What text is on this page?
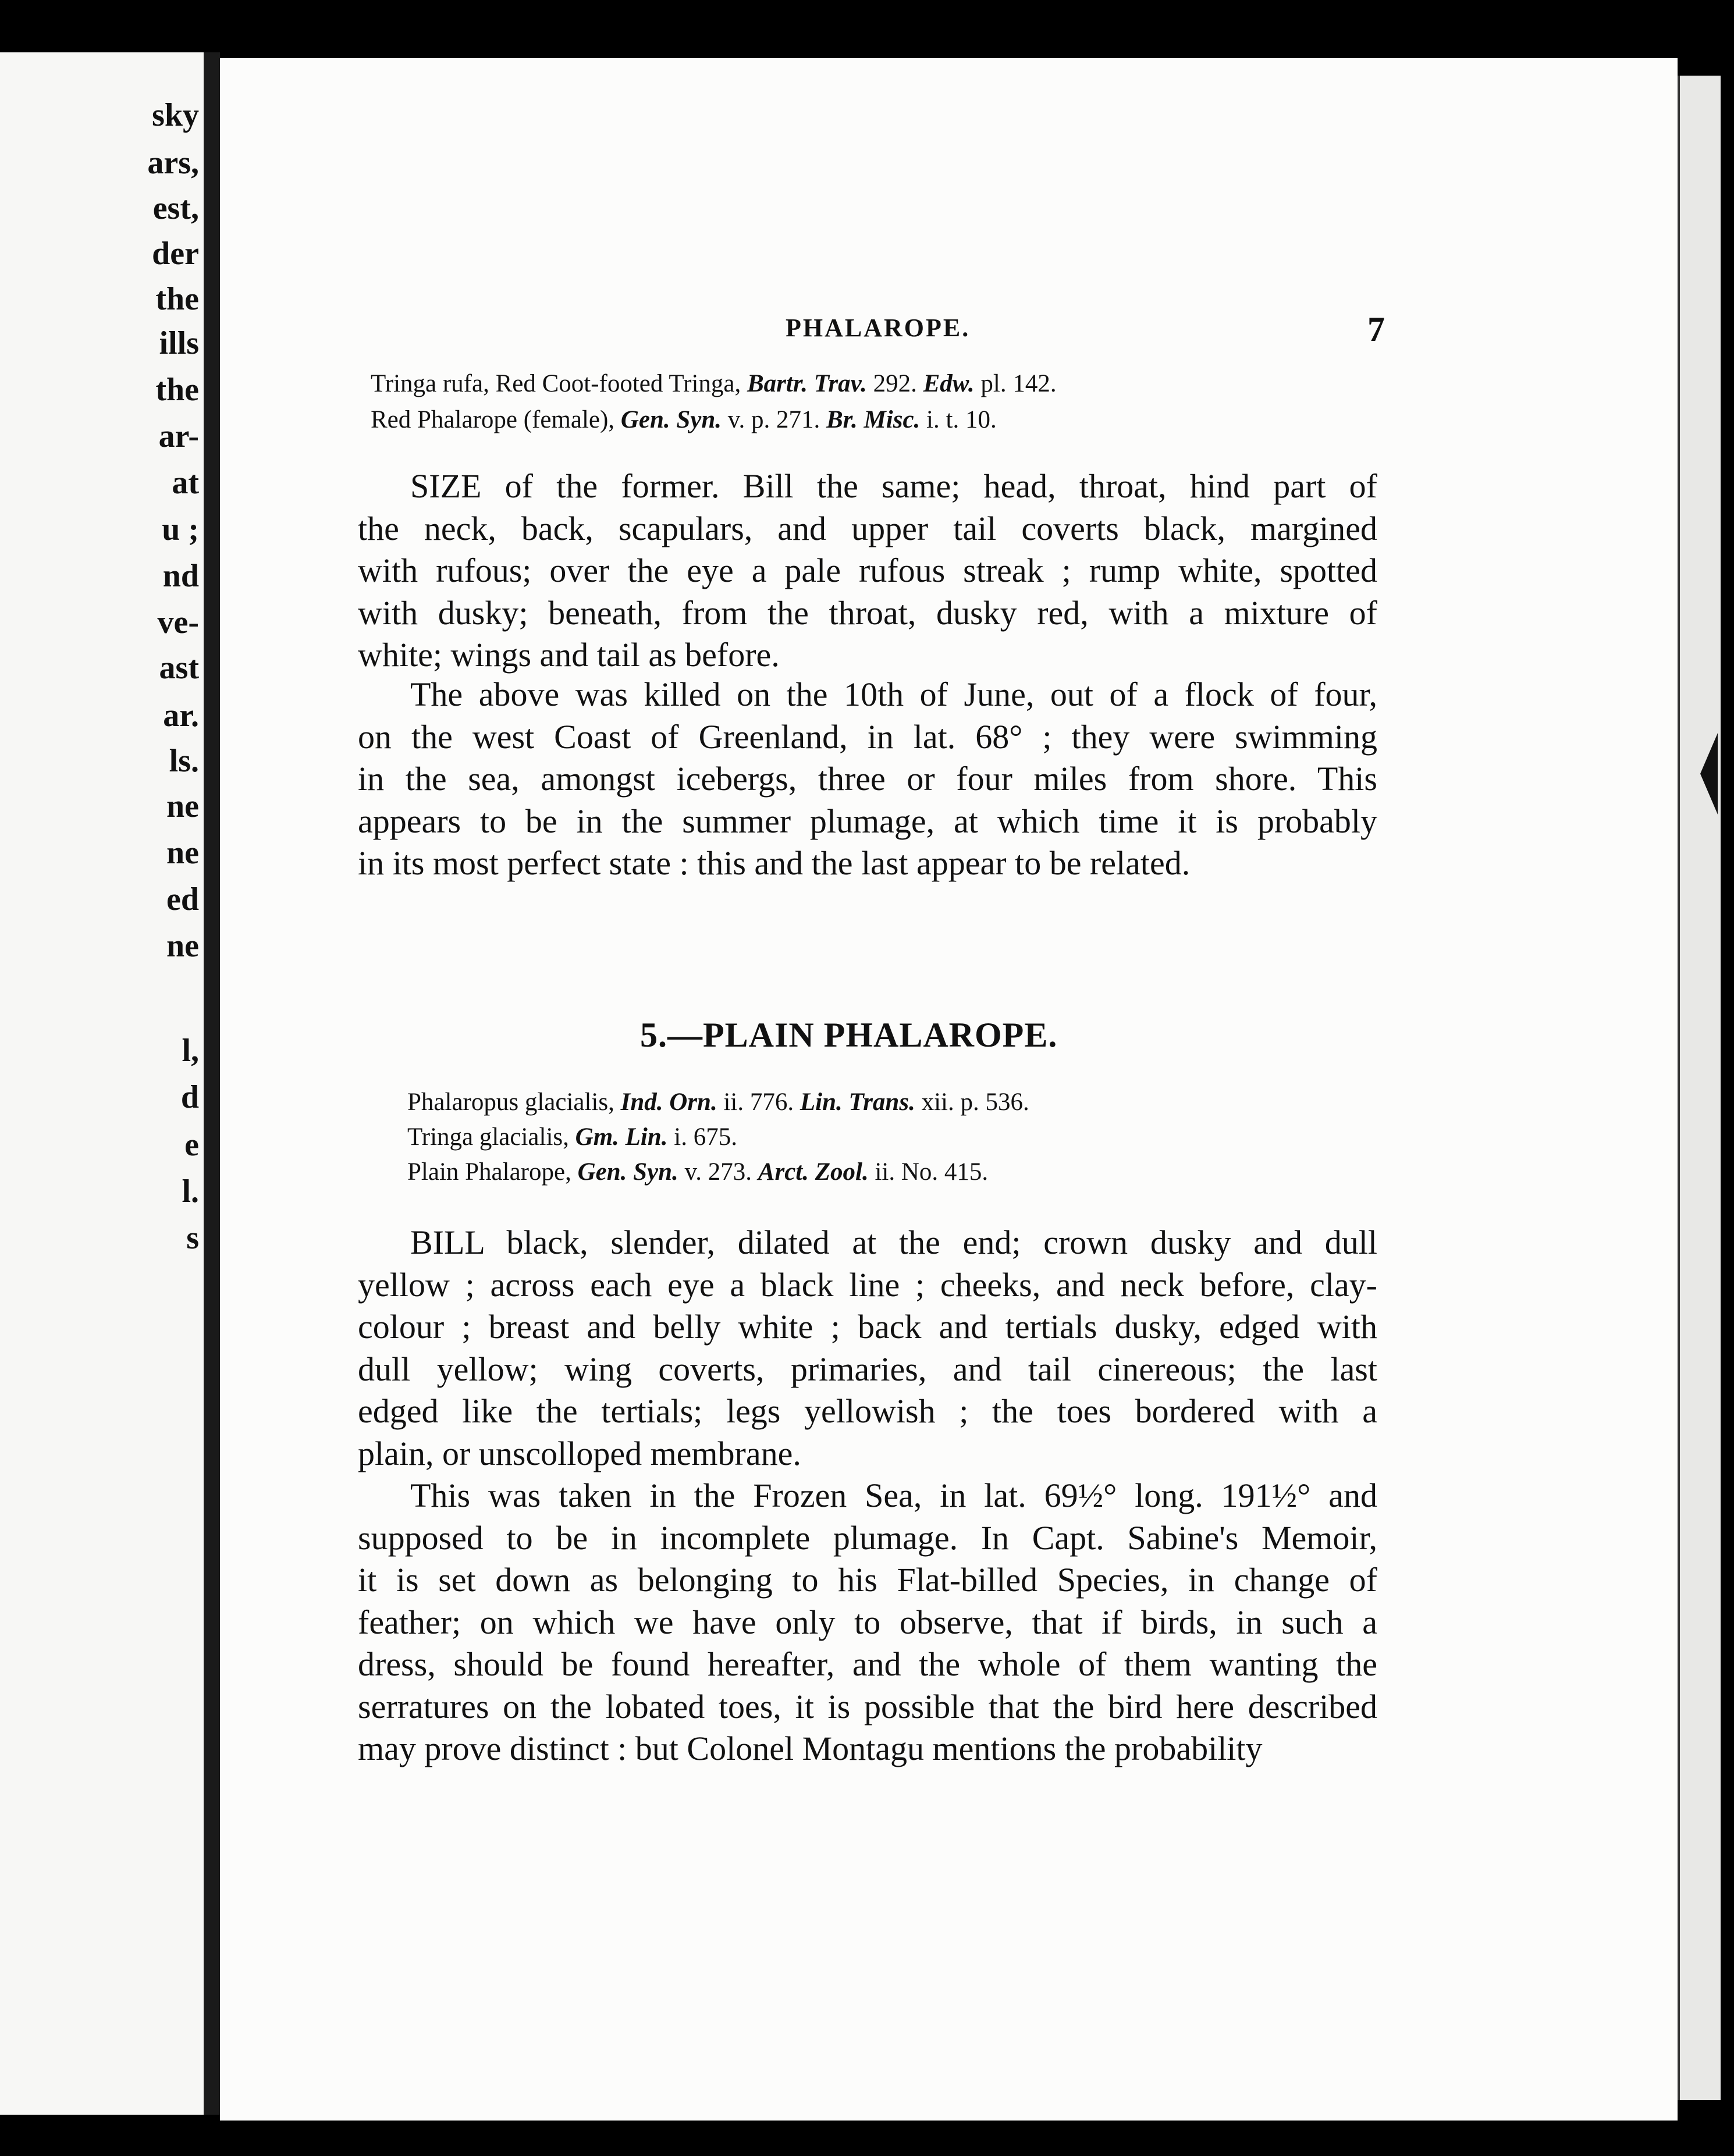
sky
ars,
est,
der
the
ills
the
ar-
at
u ;
nd
ve-
ast
ar.
ls.
ne
ne
ed
ne
l,
d
e
l.
s
PHALAROPE.	7
Tringa rufa, Red Coot-footed Tringa, Bartr. Trav. 292. Edw. pl. 142.
Red Phalarope (female), Gen. Syn. v. p. 271. Br. Misc. i. t. 10.
SIZE of the former. Bill the same; head, throat, hind part of
the neck, back, scapulars, and upper tail coverts black, margined
with rufous; over the eye a pale rufous streak ; rump white, spotted
with dusky; beneath, from the throat, dusky red, with a mixture of
white; wings and tail as before.
The above was killed on the 10th of June, out of a flock of four,
on the west Coast of Greenland, in lat. 68° ; they were swimming
in the sea, amongst icebergs, three or four miles from shore. This
appears to be in the summer plumage, at which time it is probably
in its most perfect state : this and the last appear to be related.
5.—PLAIN PHALAROPE.
Phalaropus glacialis, Ind. Orn. ii. 776. Lin. Trans. xii. p. 536.
Tringa glacialis, Gm. Lin. i. 675.
Plain Phalarope, Gen. Syn. v. 273. Arct. Zool. ii. No. 415.
BILL black, slender, dilated at the end; crown dusky and dull
yellow ; across each eye a black line ; cheeks, and neck before, clay-
colour ; breast and belly white ; back and tertials dusky, edged with
dull yellow; wing coverts, primaries, and tail cinereous; the last
edged like the tertials; legs yellowish ; the toes bordered with a
plain, or unscolloped membrane.
This was taken in the Frozen Sea, in lat. 69½° long. 191½° and
supposed to be in incomplete plumage. In Capt. Sabine's Memoir,
it is set down as belonging to his Flat-billed Species, in change of
feather; on which we have only to observe, that if birds, in such a
dress, should be found hereafter, and the whole of them wanting the
serratures on the lobated toes, it is possible that the bird here described
may prove distinct : but Colonel Montagu mentions the probability
